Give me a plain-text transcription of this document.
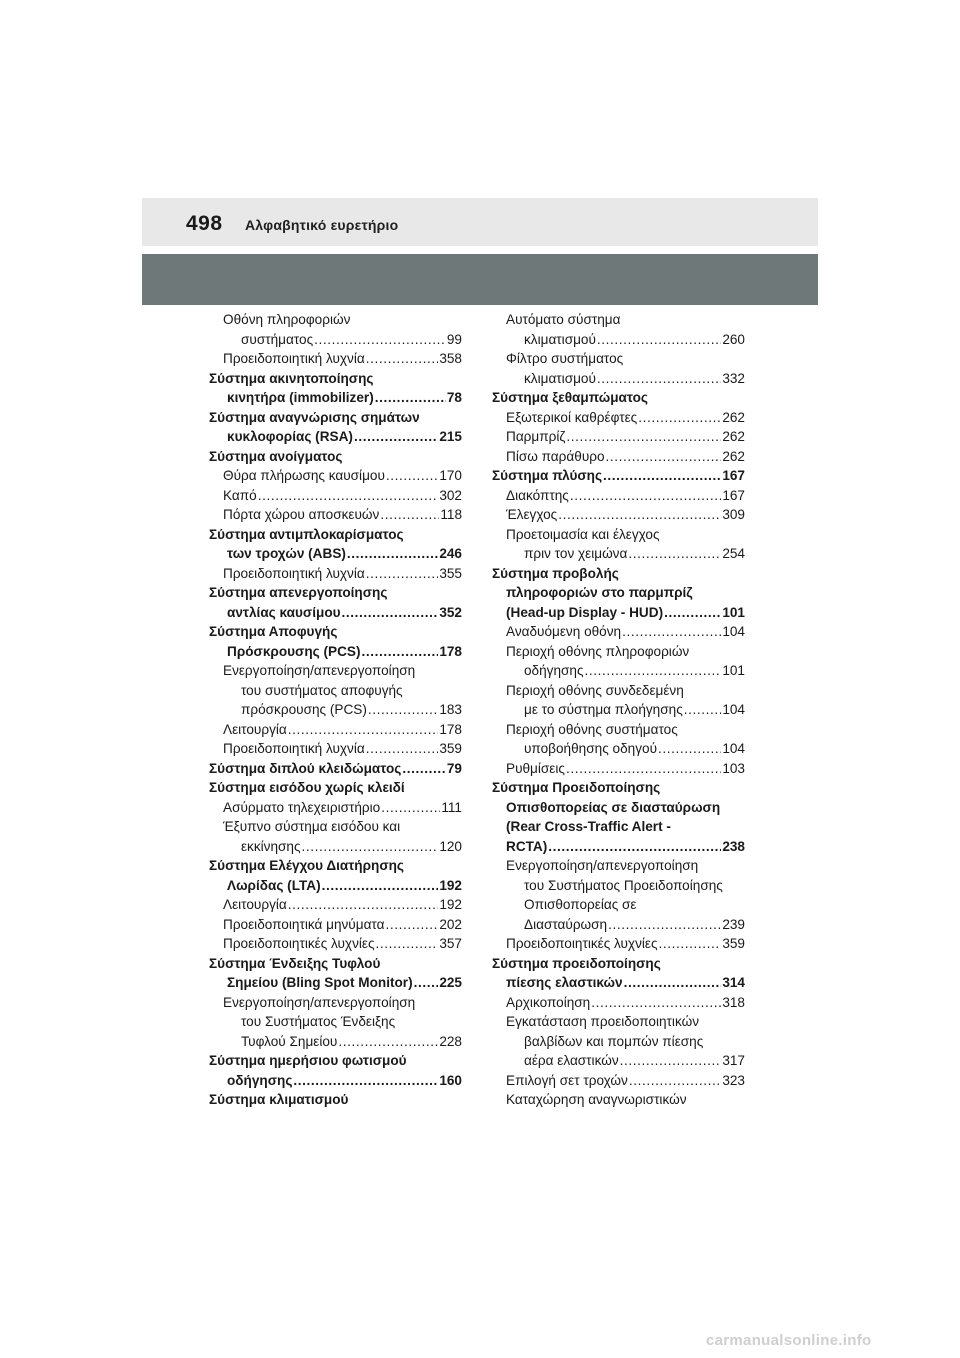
498 Αλφαβητικό ευρετήριο
Οθόνη πληροφοριών
συστήματος .....	99
Προειδοποιητική λυχνία .....	358
Σύστημα ακινητοποίησης
κινητήρα (immobilizer) .....	78
Σύστημα αναγνώρισης σημάτων
κυκλοφορίας (RSA) .....	215
Σύστημα ανοίγματος
Θύρα πλήρωσης καυσίμου .....	170
Καπό .....	302
Πόρτα χώρου αποσκευών .....	118
Σύστημα αντιμπλοκαρίσματος
των τροχών (ABS) .....	246
Προειδοποιητική λυχνία .....	355
Σύστημα απενεργοποίησης
αντλίας καυσίμου .....	352
Σύστημα Αποφυγής
Πρόσκρουσης (PCS) .....	178
Ενεργοποίηση/απενεργοποίηση
του συστήματος αποφυγής
πρόσκρουσης (PCS) .....	183
Λειτουργία .....	178
Προειδοποιητική λυχνία .....	359
Σύστημα διπλού κλειδώματος .....	79
Σύστημα εισόδου χωρίς κλειδί
Ασύρματο τηλεχειριστήριο .....	111
Έξυπνο σύστημα εισόδου και
εκκίνησης .....	120
Σύστημα Ελέγχου Διατήρησης
Λωρίδας (LTA) .....	192
Λειτουργία .....	192
Προειδοποιητικά μηνύματα .....	202
Προειδοποιητικές λυχνίες .....	357
Σύστημα Ένδειξης Τυφλού
Σημείου (Bling Spot Monitor) ..... 225
Ενεργοποίηση/απενεργοποίηση
του Συστήματος Ένδειξης
Τυφλού Σημείου .....	228
Σύστημα ημερήσιου φωτισμού
οδήγησης .....	160
Σύστημα κλιματισμού
Αυτόματο σύστημα
κλιματισμού .....	260
Φίλτρο συστήματος
κλιματισμού .....	332
Σύστημα ξεθαμπώματος
Εξωτερικοί καθρέφτες .....	262
Παρμπρίζ .....	262
Πίσω παράθυρο .....	262
Σύστημα πλύσης .....	167
Διακόπτης .....	167
Έλεγχος .....	309
Προετοιμασία και έλεγχος
πριν τον χειμώνα .....	254
Σύστημα προβολής
πληροφοριών στο παρμπρίζ
(Head-up Display - HUD) .....	101
Αναδυόμενη οθόνη .....	104
Περιοχή οθόνης πληροφοριών
οδήγησης .....	101
Περιοχή οθόνης συνδεδεμένη
με το σύστημα πλοήγησης .....	104
Περιοχή οθόνης συστήματος
υποβοήθησης οδηγού .....	104
Ρυθμίσεις .....	103
Σύστημα Προειδοποίησης
Οπισθοπορείας σε διασταύρωση
(Rear Cross-Traffic Alert -
RCTA) .....	238
Ενεργοποίηση/απενεργοποίηση
του Συστήματος Προειδοποίησης
Οπισθοπορείας σε
Διασταύρωση .....	239
Προειδοποιητικές λυχνίες .....	359
Σύστημα προειδοποίησης
πίεσης ελαστικών .....	314
Αρχικοποίηση .....	318
Εγκατάσταση προειδοποιητικών
βαλβίδων και πομπών πίεσης
αέρα ελαστικών .....	317
Επιλογή σετ τροχών .....	323
Καταχώρηση αναγνωριστικών
carmanualsonline.info
